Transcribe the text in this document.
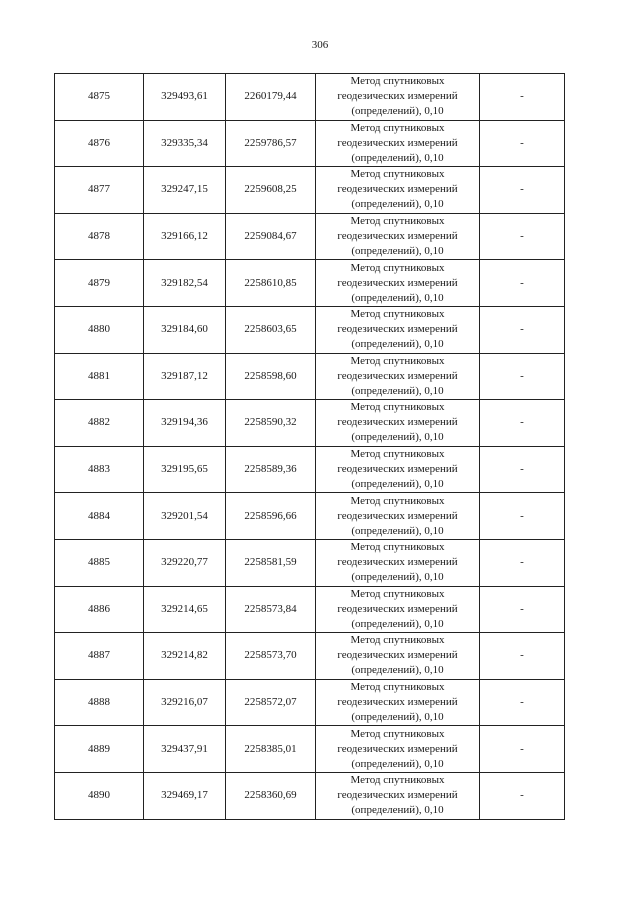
306
4875	329493,61	2260179,44	Метод спутниковых
геодезических измерений
(определений), 0,10	-
4876	329335,34	2259786,57	Метод спутниковых
геодезических измерений
(определений), 0,10	-
4877	329247,15	2259608,25	Метод спутниковых
геодезических измерений
(определений), 0,10	-
4878	329166,12	2259084,67	Метод спутниковых
геодезических измерений
(определений), 0,10	-
4879	329182,54	2258610,85	Метод спутниковых
геодезических измерений
(определений), 0,10	-
4880	329184,60	2258603,65	Метод спутниковых
геодезических измерений
(определений), 0,10	-
4881	329187,12	2258598,60	Метод спутниковых
геодезических измерений
(определений), 0,10	-
4882	329194,36	2258590,32	Метод спутниковых
геодезических измерений
(определений), 0,10	-
4883	329195,65	2258589,36	Метод спутниковых
геодезических измерений
(определений), 0,10	-
4884	329201,54	2258596,66	Метод спутниковых
геодезических измерений
(определений), 0,10	-
4885	329220,77	2258581,59	Метод спутниковых
геодезических измерений
(определений), 0,10	-
4886	329214,65	2258573,84	Метод спутниковых
геодезических измерений
(определений), 0,10	-
4887	329214,82	2258573,70	Метод спутниковых
геодезических измерений
(определений), 0,10	-
4888	329216,07	2258572,07	Метод спутниковых
геодезических измерений
(определений), 0,10	-
4889	329437,91	2258385,01	Метод спутниковых
геодезических измерений
(определений), 0,10	-
4890	329469,17	2258360,69	Метод спутниковых
геодезических измерений
(определений), 0,10	-
